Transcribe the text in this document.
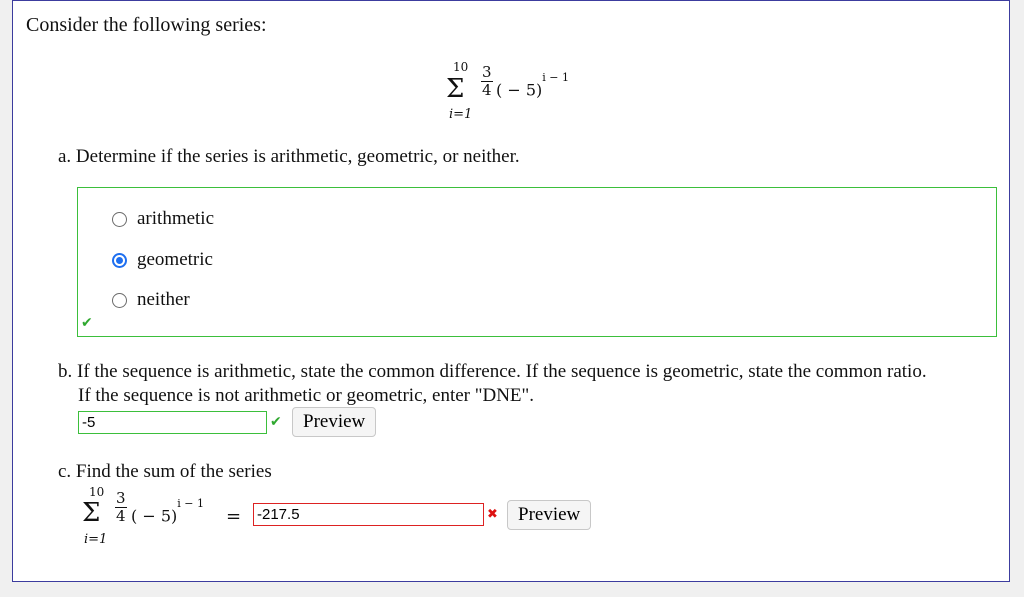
Consider the following series:
10
Σ
i=1
$\frac{3}{4}$ ( − 5)$^{i - 1}$
a. Determine if the series is arithmetic, geometric, or neither.
arithmetic
geometric
neither
✔
b. If the sequence is arithmetic, state the common difference. If the sequence is geometric, state the common ratio.
If the sequence is not arithmetic or geometric, enter "DNE".
-5
✔	Preview
c. Find the sum of the series
10
Σ
i=1
$\frac{3}{4}$ ( − 5)$^{i - 1}$
=
-217.5	✖	Preview
